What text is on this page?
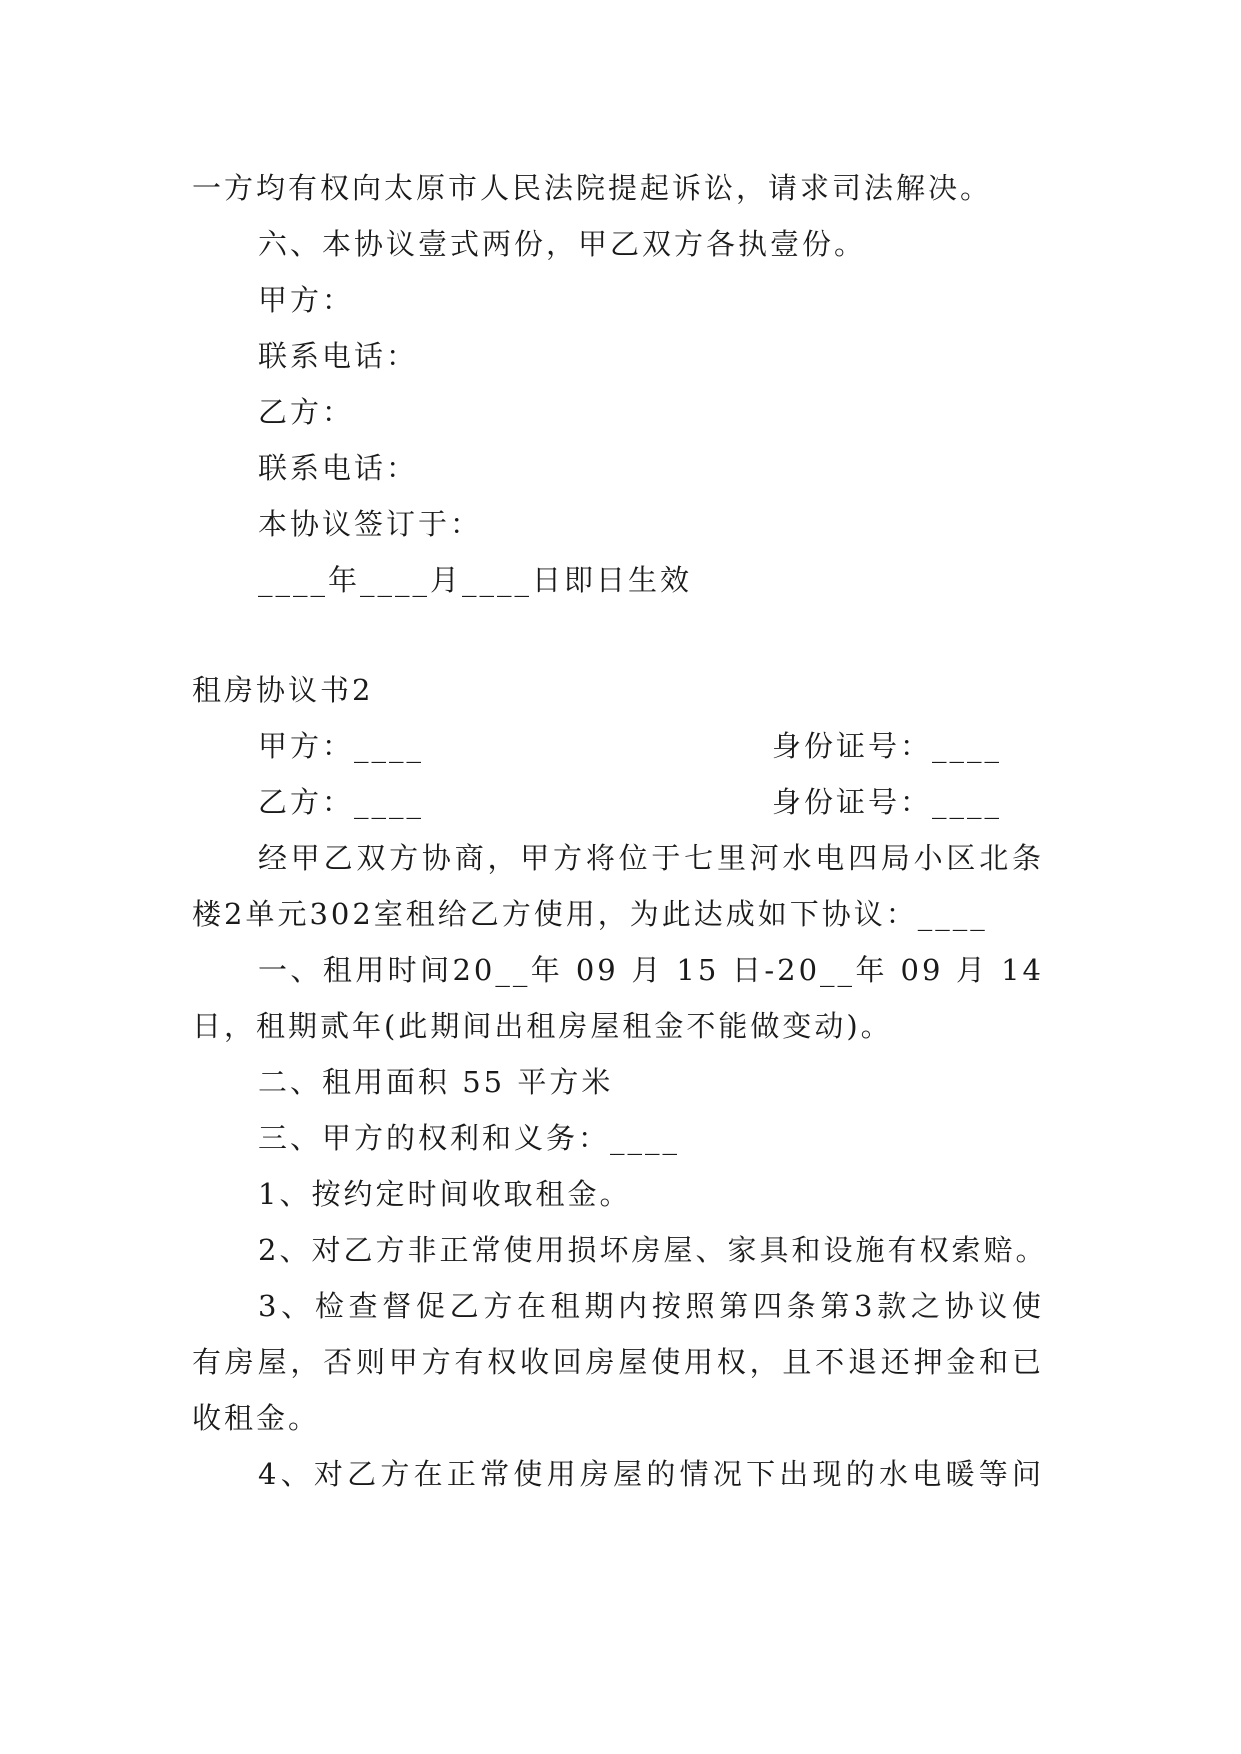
一方均有权向太原市人民法院提起诉讼，请求司法解决。
六、本协议壹式两份，甲乙双方各执壹份。
甲方：
联系电话：
乙方：
联系电话：
本协议签订于：
____年____月____日即日生效
租房协议书2
甲方：____	身份证号：____
乙方：____	身份证号：____
经甲乙双方协商，甲方将位于七里河水电四局小区北条
楼2单元302室租给乙方使用，为此达成如下协议：____
一、租用时间20__年 09 月 15 日-20__年 09 月 14
日，租期贰年(此期间出租房屋租金不能做变动)。
二、租用面积 55 平方米
三、甲方的权利和义务：____
1、按约定时间收取租金。
2、对乙方非正常使用损坏房屋、家具和设施有权索赔。
3、检查督促乙方在租期内按照第四条第3款之协议使
有房屋，否则甲方有权收回房屋使用权，且不退还押金和已
收租金。
4、对乙方在正常使用房屋的情况下出现的水电暖等问
